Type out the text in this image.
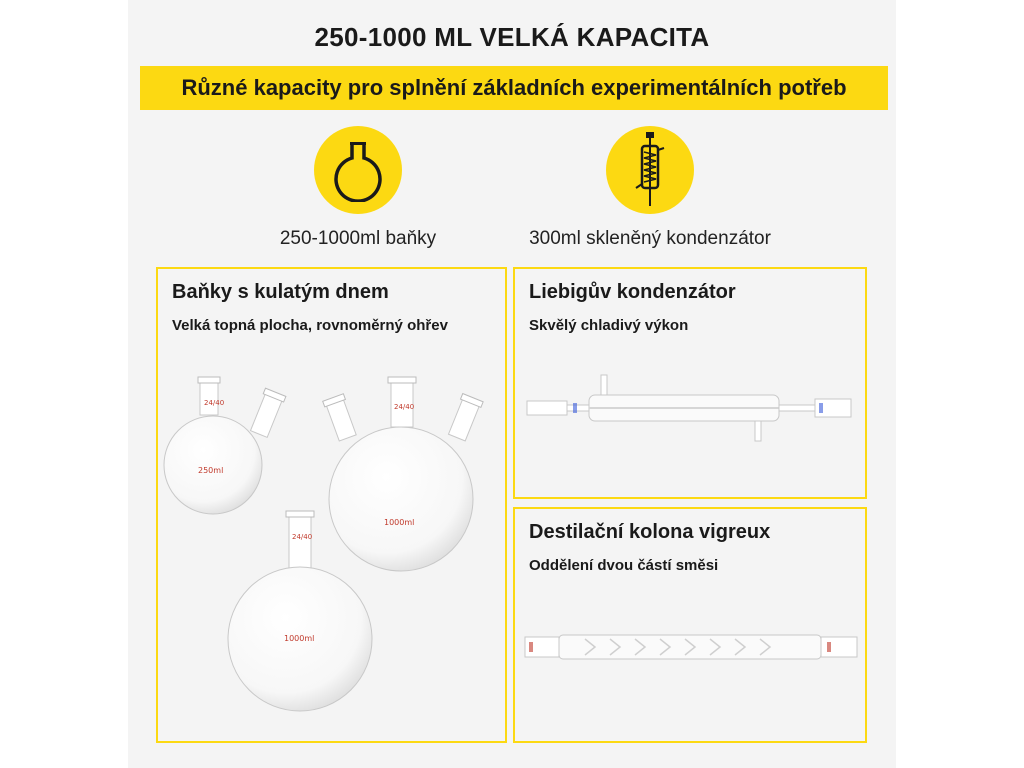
250-1000 ML VELKÁ KAPACITA
Různé kapacity pro splnění základních experimentálních potřeb
250-1000ml baňky	300ml skleněný kondenzátor
Baňky s kulatým dnem
Velká topná plocha, rovnoměrný ohřev
24/40
250ml
24/40
1000ml
24/40
1000ml
Liebigův kondenzátor
Skvělý chladivý výkon
Destilační kolona vigreux
Oddělení dvou částí směsi
